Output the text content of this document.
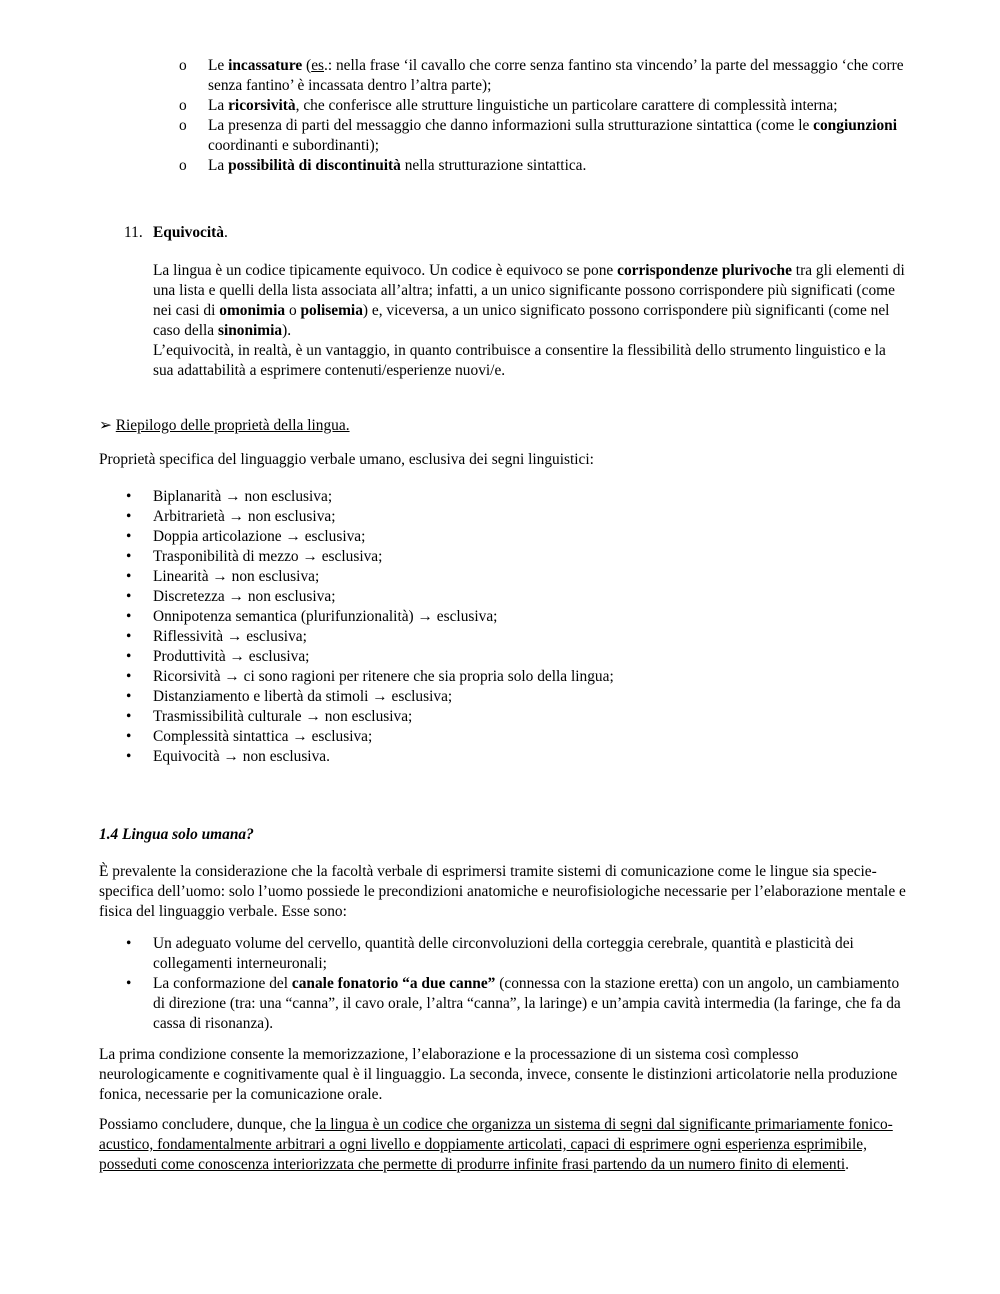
o Le incassature (es.: nella frase ‘il cavallo che corre senza fantino sta vincendo’ la parte del messaggio ‘che corre senza fantino’ è incassata dentro l’altra parte);
o La ricorsività, che conferisce alle strutture linguistiche un particolare carattere di complessità interna;
o La presenza di parti del messaggio che danno informazioni sulla strutturazione sintattica (come le congiunzioni coordinanti e subordinanti);
o La possibilità di discontinuità nella strutturazione sintattica.
11. Equivocità.
La lingua è un codice tipicamente equivoco. Un codice è equivoco se pone corrispondenze plurivoche tra gli elementi di una lista e quelli della lista associata all’altra; infatti, a un unico significante possono corrispondere più significati (come nei casi di omonimia o polisemia) e, viceversa, a un unico significato possono corrispondere più significanti (come nel caso della sinonimia).
L’equivocità, in realtà, è un vantaggio, in quanto contribuisce a consentire la flessibilità dello strumento linguistico e la sua adattabilità a esprimere contenuti/esperienze nuovi/e.
➢ Riepilogo delle proprietà della lingua.
Proprietà specifica del linguaggio verbale umano, esclusiva dei segni linguistici:
• Biplanarità → non esclusiva;
• Arbitrarietà → non esclusiva;
• Doppia articolazione → esclusiva;
• Trasponibilità di mezzo → esclusiva;
• Linearità → non esclusiva;
• Discretezza → non esclusiva;
• Onnipotenza semantica (plurifunzionalità) → esclusiva;
• Riflessività → esclusiva;
• Produttività → esclusiva;
• Ricorsività → ci sono ragioni per ritenere che sia propria solo della lingua;
• Distanziamento e libertà da stimoli → esclusiva;
• Trasmissibilità culturale → non esclusiva;
• Complessità sintattica → esclusiva;
• Equivocità → non esclusiva.
1.4 Lingua solo umana?
È prevalente la considerazione che la facoltà verbale di esprimersi tramite sistemi di comunicazione come le lingue sia specie-specifica dell’uomo: solo l’uomo possiede le precondizioni anatomiche e neurofisiologiche necessarie per l’elaborazione mentale e fisica del linguaggio verbale. Esse sono:
• Un adeguato volume del cervello, quantità delle circonvoluzioni della corteggia cerebrale, quantità e plasticità dei collegamenti interneuronali;
• La conformazione del canale fonatorio “a due canne” (connessa con la stazione eretta) con un angolo, un cambiamento di direzione (tra: una “canna”, il cavo orale, l’altra “canna”, la laringe) e un’ampia cavità intermedia (la faringe, che fa da cassa di risonanza).
La prima condizione consente la memorizzazione, l’elaborazione e la processazione di un sistema così complesso neurologicamente e cognitivamente qual è il linguaggio. La seconda, invece, consente le distinzioni articolatorie nella produzione fonica, necessarie per la comunicazione orale.
Possiamo concludere, dunque, che la lingua è un codice che organizza un sistema di segni dal significante primariamente fonico-acustico, fondamentalmente arbitrari a ogni livello e doppiamente articolati, capaci di esprimere ogni esperienza esprimibile, posseduti come conoscenza interiorizzata che permette di produrre infinite frasi partendo da un numero finito di elementi.
